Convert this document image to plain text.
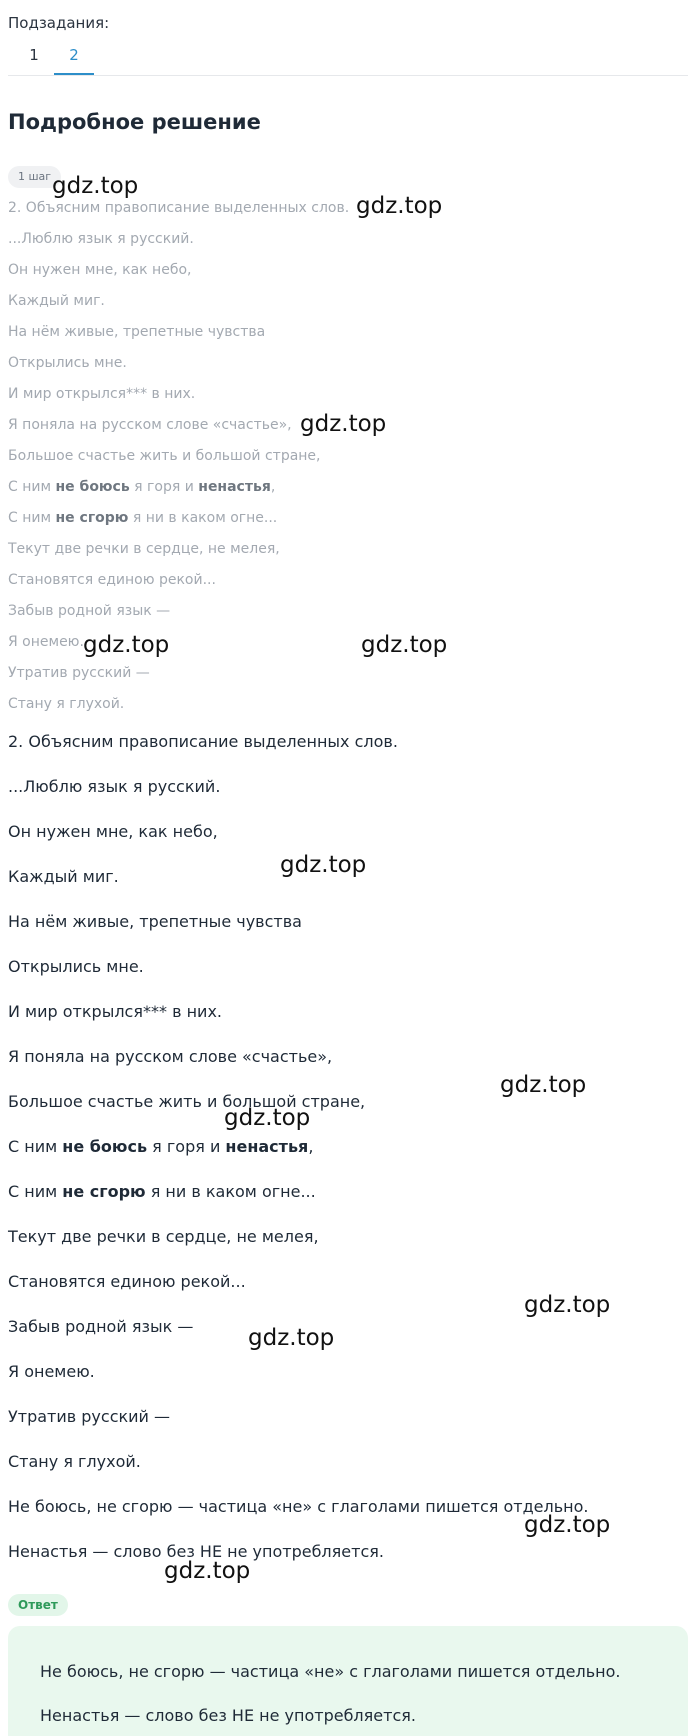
Подзадания:
1	2
Подробное решение
1 шаг
2. Объясним правописание выделенных слов.
...Люблю язык я русский.
Он нужен мне, как небо,
Каждый миг.
На нём живые, трепетные чувства
Открылись мне.
И мир открылся*** в них.
Я поняла на русском слове «счастье»,
Большое счастье жить и большой стране,
С ним не боюсь я горя и ненастья,
С ним не сгорю я ни в каком огне...
Текут две речки в сердце, не мелея,
Становятся единою рекой...
Забыв родной язык —
Я онемею.
Утратив русский —
Стану я глухой.
2. Объясним правописание выделенных слов.
...Люблю язык я русский.
Он нужен мне, как небо,
Каждый миг.
На нём живые, трепетные чувства
Открылись мне.
И мир открылся*** в них.
Я поняла на русском слове «счастье»,
Большое счастье жить и большой стране,
С ним не боюсь я горя и ненастья,
С ним не сгорю я ни в каком огне...
Текут две речки в сердце, не мелея,
Становятся единою рекой...
Забыв родной язык —
Я онемею.
Утратив русский —
Стану я глухой.
Не боюсь, не сгорю — частица «не» с глаголами пишется отдельно.
Ненастья — слово без НЕ не употребляется.
Ответ
Не боюсь, не сгорю — частица «не» с глаголами пишется отдельно.
Ненастья — слово без НЕ не употребляется.
gdz.top
gdz.top
gdz.top
gdz.top	gdz.top
gdz.top
gdz.top
gdz.top
gdz.top
gdz.top
gdz.top
gdz.top
